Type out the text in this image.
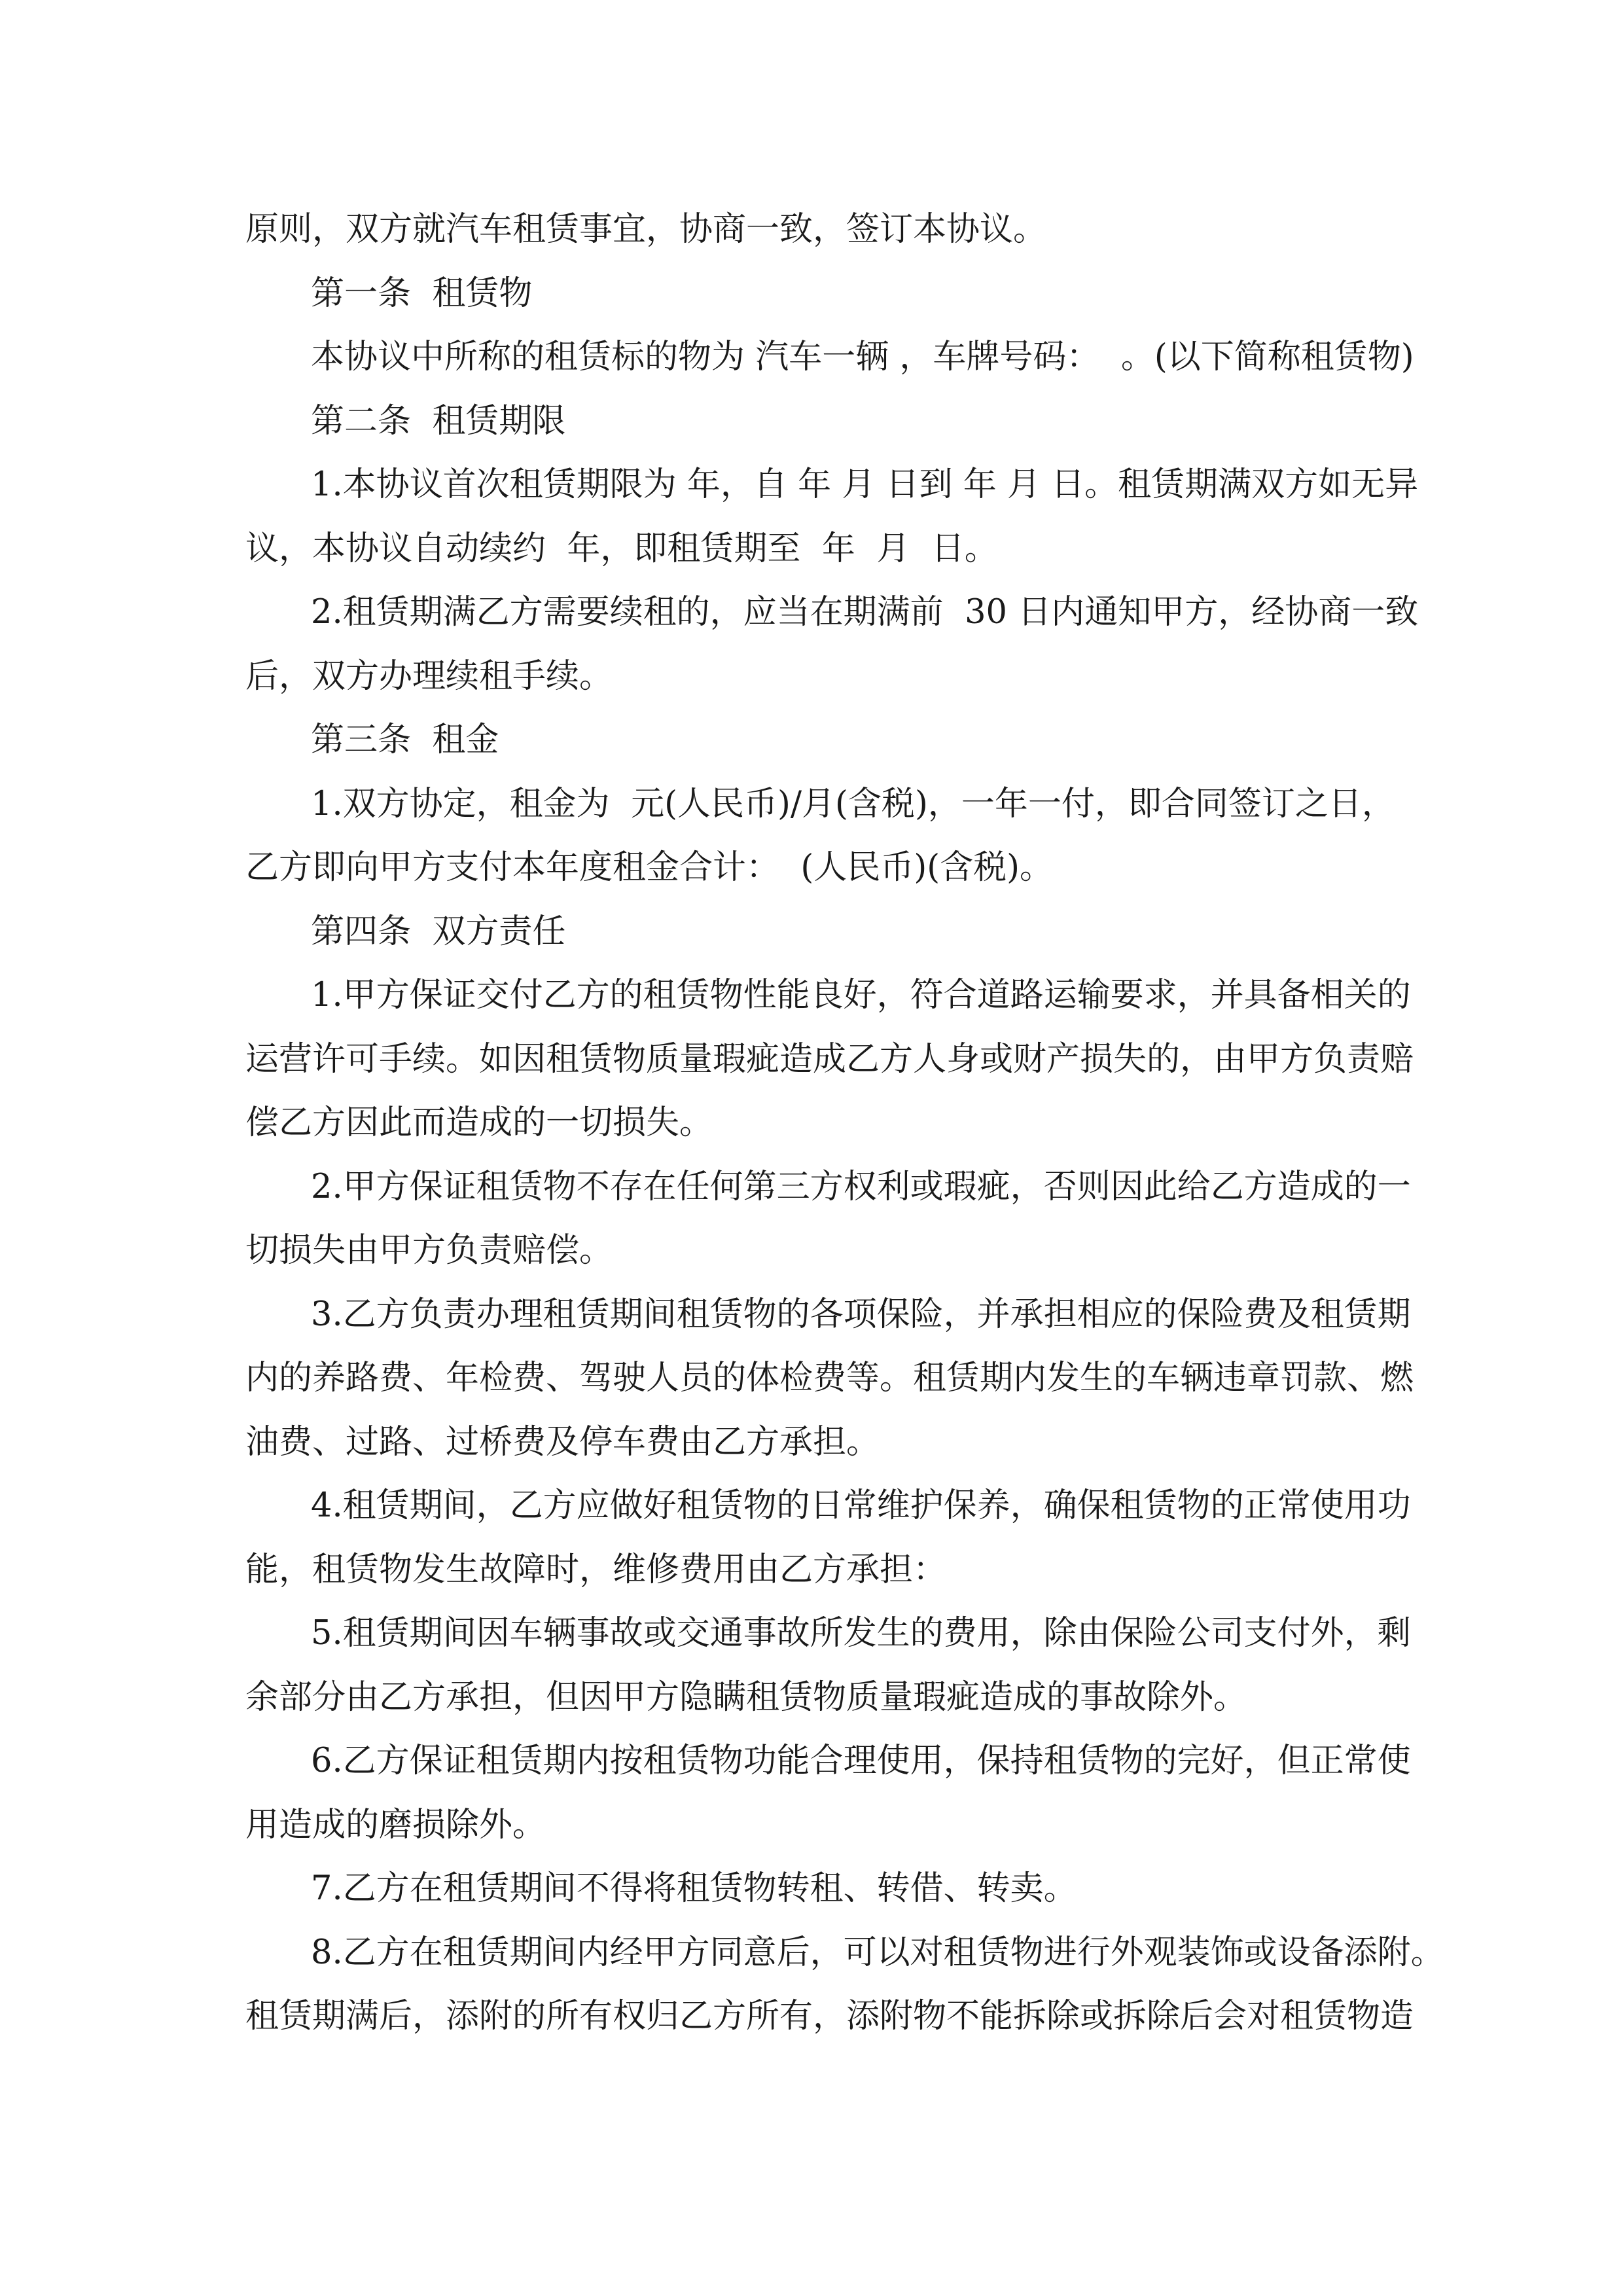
原则，双方就汽车租赁事宜，协商一致，签订本协议。
第一条  租赁物
本协议中所称的租赁标的物为 汽车一辆 ，车牌号码：  。(以下简称租赁物)
第二条  租赁期限
1.本协议首次租赁期限为 年，自 年 月 日到 年 月 日。租赁期满双方如无异
议，本协议自动续约  年，即租赁期至  年  月  日。
2.租赁期满乙方需要续租的，应当在期满前  30 日内通知甲方，经协商一致
后，双方办理续租手续。
第三条  租金
1.双方协定，租金为  元(人民币)/月(含税)，一年一付，即合同签订之日，
乙方即向甲方支付本年度租金合计：  (人民币)(含税)。
第四条  双方责任
1.甲方保证交付乙方的租赁物性能良好，符合道路运输要求，并具备相关的
运营许可手续。如因租赁物质量瑕疵造成乙方人身或财产损失的，由甲方负责赔
偿乙方因此而造成的一切损失。
2.甲方保证租赁物不存在任何第三方权利或瑕疵，否则因此给乙方造成的一
切损失由甲方负责赔偿。
3.乙方负责办理租赁期间租赁物的各项保险，并承担相应的保险费及租赁期
内的养路费、年检费、驾驶人员的体检费等。租赁期内发生的车辆违章罚款、燃
油费、过路、过桥费及停车费由乙方承担。
4.租赁期间，乙方应做好租赁物的日常维护保养，确保租赁物的正常使用功
能，租赁物发生故障时，维修费用由乙方承担：
5.租赁期间因车辆事故或交通事故所发生的费用，除由保险公司支付外，剩
余部分由乙方承担，但因甲方隐瞒租赁物质量瑕疵造成的事故除外。
6.乙方保证租赁期内按租赁物功能合理使用，保持租赁物的完好，但正常使
用造成的磨损除外。
7.乙方在租赁期间不得将租赁物转租、转借、转卖。
8.乙方在租赁期间内经甲方同意后，可以对租赁物进行外观装饰或设备添附。
租赁期满后，添附的所有权归乙方所有，添附物不能拆除或拆除后会对租赁物造
